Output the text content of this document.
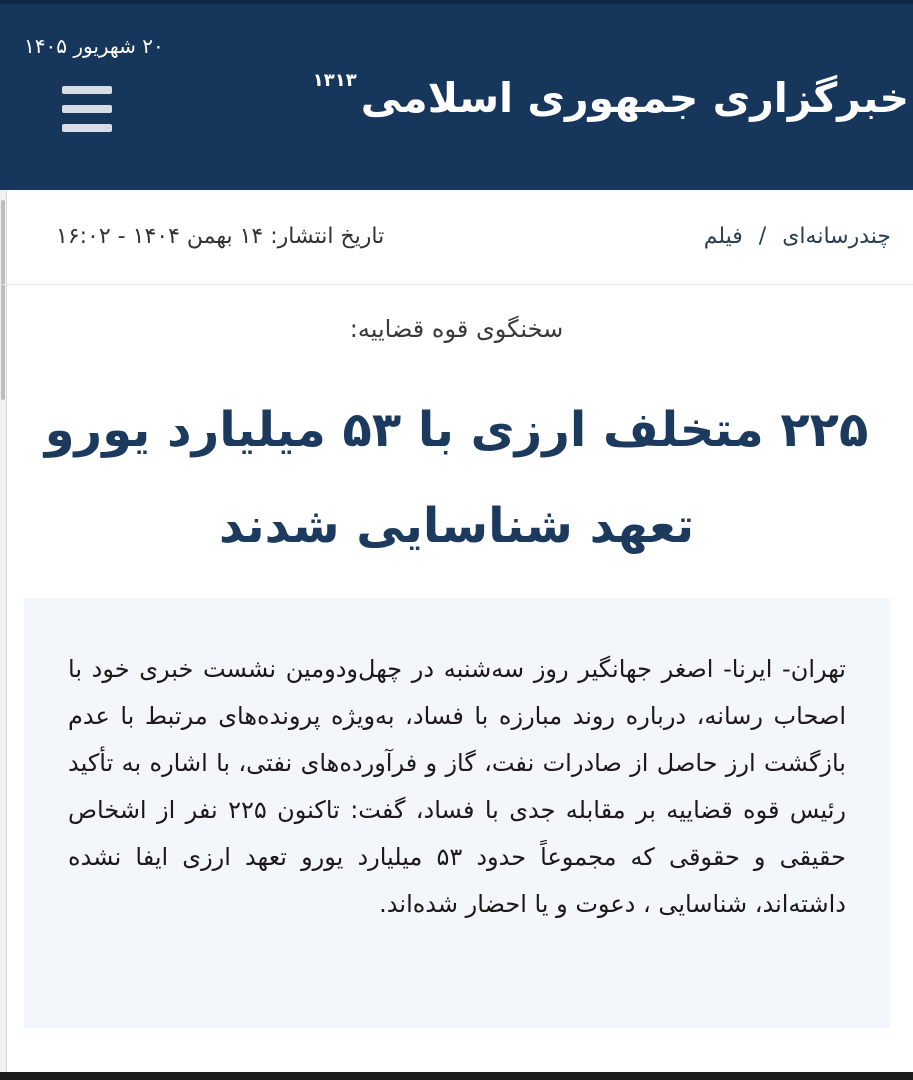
۲۰ شهریور ۱۴۰۵
خبرگزاری جمهوری اسلامی
۱۳۱۳
چندرسانه‌ای/فیلم
تاریخ انتشار: ۱۴ بهمن ۱۴۰۴ - ۱۶:۰۲
سخنگوی قوه قضاییه:
۲۲۵ متخلف ارزی با ۵۳ میلیارد یورو تعهد شناسایی شدند

تهران- ایرنا- اصغر جهانگیر روز سه‌شنبه در چهل‌ودومین نشست خبری خود با اصحاب رسانه، درباره روند مبارزه با فساد، به‌ویژه پرونده‌های مرتبط با عدم بازگشت ارز حاصل از صادرات نفت، گاز و فرآورده‌های نفتی، با اشاره به تأکید رئیس قوه قضاییه بر مقابله جدی با فساد، گفت: تاکنون ۲۲۵ نفر از اشخاص حقیقی و حقوقی که مجموعاً حدود ۵۳ میلیارد یورو تعهد ارزی ایفا نشده داشته‌اند، شناسایی ، دعوت و یا احضار شده‌اند.
